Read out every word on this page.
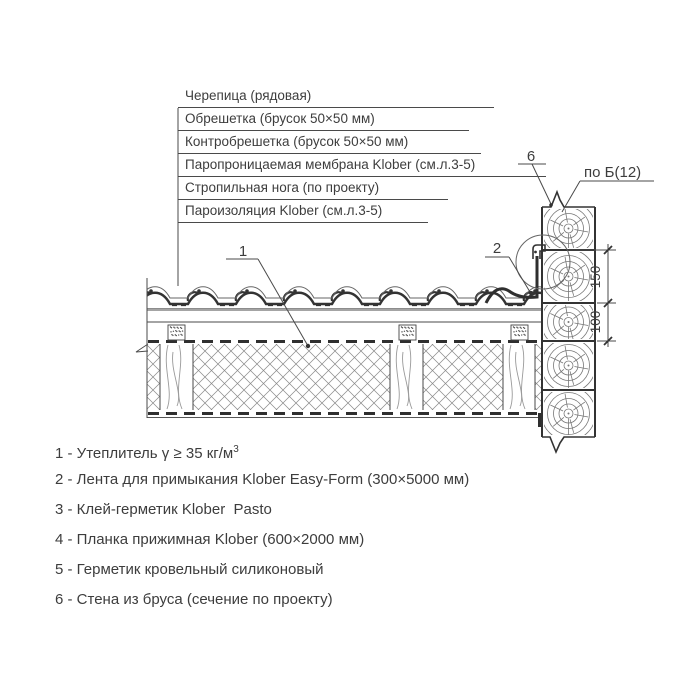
1	2
6
по Б(12)
150
100
Черепица (рядовая)
Обрешетка (брусок 50×50 мм)
Контробрешетка (брусок 50×50 мм)
Паропроницаемая мембрана Klober (см.л.3-5)
Стропильная нога (по проекту)
Пароизоляция Klober (см.л.3-5)
1 - Утеплитель γ ≥ 35 $кг/м^3$
2 - Лента для примыкания Klober Easy-Form (300×5000 мм)
3 - Клей-герметик Klober  Pasto
4 - Планка прижимная Klober (600×2000 мм)
5 - Герметик кровельный силиконовый
6 - Стена из бруса (сечение по проекту)
